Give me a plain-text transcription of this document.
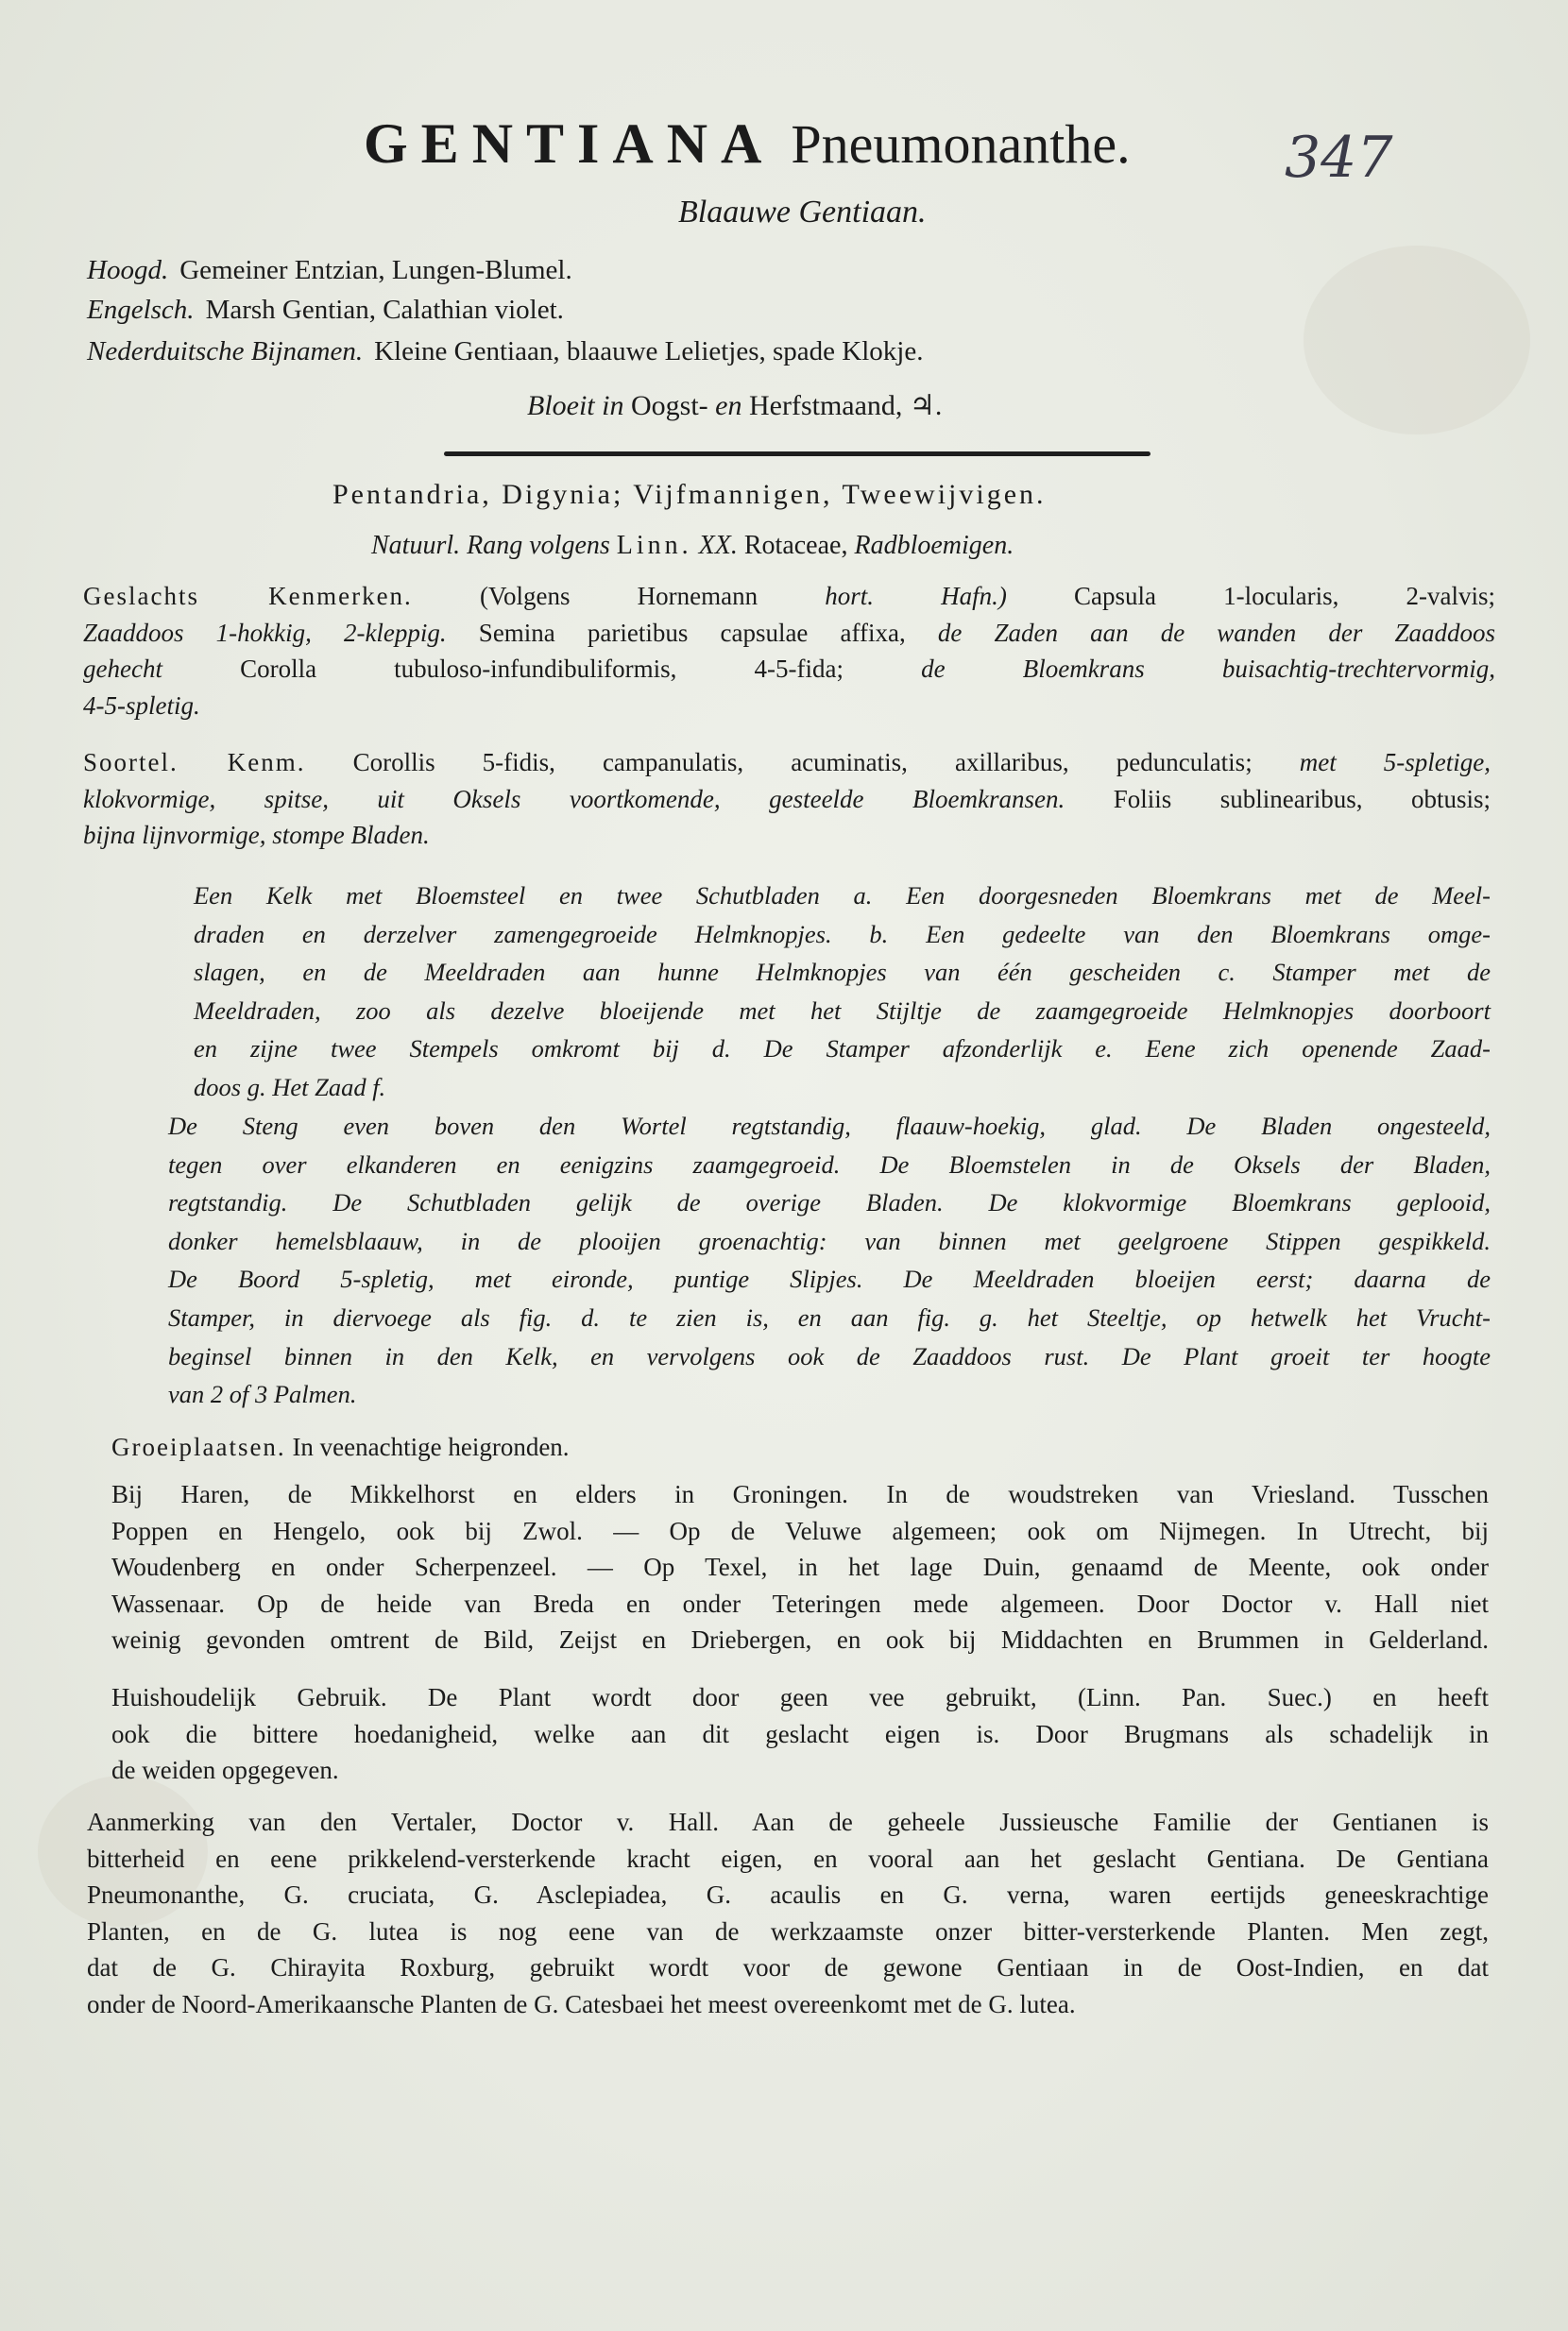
GENTIANA Pneumonanthe.	347
Blaauwe Gentiaan.
Hoogd. Gemeiner Entzian, Lungen-Blumel.
Engelsch. Marsh Gentian, Calathian violet.
Nederduitsche Bijnamen. Kleine Gentiaan, blaauwe Lelietjes, spade Klokje.
Bloeit in Oogst- en Herfstmaand, ♃.
Pentandria, Digynia; Vijfmannigen, Tweewijvigen.
Natuurl. Rang volgens Linn. XX. Rotaceae, Radbloemigen.
Geslachts Kenmerken.	(Volgens Hornemann	hort. Hafn.)	Capsula 1-locularis, 2-valvis;
Zaaddoos 1-hokkig, 2-kleppig. Semina parietibus capsulae affixa, de Zaden aan de wanden der Zaaddoos
gehecht	Corolla tubuloso-infundibuliformis, 4-5-fida;	de Bloemkrans buisachtig-trechtervormig,
4-5-spletig.
Soortel. Kenm. Corollis 5-fidis, campanulatis, acuminatis, axillaribus, pedunculatis; met 5-spletige,
klokvormige, spitse, uit Oksels voortkomende, gesteelde Bloemkransen. Foliis sublinearibus, obtusis;
bijna lijnvormige, stompe Bladen.
Een Kelk met Bloemsteel en twee Schutbladen a. Een doorgesneden Bloemkrans met de Meel-
draden en derzelver zamengegroeide Helmknopjes. b. Een gedeelte van den Bloemkrans omge-
slagen, en de Meeldraden aan hunne Helmknopjes van één gescheiden c. Stamper met de
Meeldraden, zoo als dezelve bloeijende met het Stijltje de zaamgegroeide Helmknopjes doorboort
en zijne twee Stempels omkromt bij d. De Stamper afzonderlijk e. Eene zich openende Zaad-
doos g. Het Zaad f.
De Steng even boven den Wortel regtstandig, flaauw-hoekig, glad. De Bladen ongesteeld,
tegen over elkanderen en eenigzins zaamgegroeid. De Bloemstelen in de Oksels der Bladen,
regtstandig. De Schutbladen gelijk de overige Bladen. De klokvormige Bloemkrans geplooid,
donker hemelsblaauw, in de plooijen groenachtig: van binnen met geelgroene Stippen gespikkeld.
De Boord 5-spletig, met eironde, puntige Slipjes. De Meeldraden bloeijen eerst; daarna de
Stamper, in diervoege als fig. d. te zien is, en aan fig. g. het Steeltje, op hetwelk het Vrucht-
beginsel binnen in den Kelk, en vervolgens ook de Zaaddoos rust. De Plant groeit ter hoogte
van 2 of 3 Palmen.
Groeiplaatsen. In veenachtige heigronden.
Bij Haren, de Mikkelhorst en elders in Groningen. In de woudstreken van Vriesland. Tusschen
Poppen en Hengelo, ook bij Zwol. — Op de Veluwe algemeen; ook om Nijmegen. In Utrecht, bij
Woudenberg en onder Scherpenzeel. — Op Texel, in het lage Duin, genaamd de Meente, ook onder
Wassenaar. Op de heide van Breda en onder Teteringen mede algemeen. Door Doctor v. Hall niet
weinig gevonden omtrent de Bild, Zeijst en Driebergen, en ook bij Middachten en Brummen in Gelderland.
Huishoudelijk Gebruik. De Plant wordt door geen vee gebruikt, (Linn. Pan. Suec.) en heeft
ook die bittere hoedanigheid, welke aan dit geslacht eigen is. Door Brugmans als schadelijk in
de weiden opgegeven.
Aanmerking van den Vertaler, Doctor v. Hall. Aan de geheele Jussieusche Familie der Gentianen is
bitterheid en eene prikkelend-versterkende kracht eigen, en vooral aan het geslacht Gentiana. De Gentiana
Pneumonanthe, G. cruciata, G. Asclepiadea, G. acaulis en G. verna, waren eertijds geneeskrachtige
Planten, en de G. lutea is nog eene van de werkzaamste onzer bitter-versterkende Planten. Men zegt,
dat de G. Chirayita Roxburg, gebruikt wordt voor de gewone Gentiaan in de Oost-Indien, en dat
onder de Noord-Amerikaansche Planten de G. Catesbaei het meest overeenkomt met de G. lutea.
